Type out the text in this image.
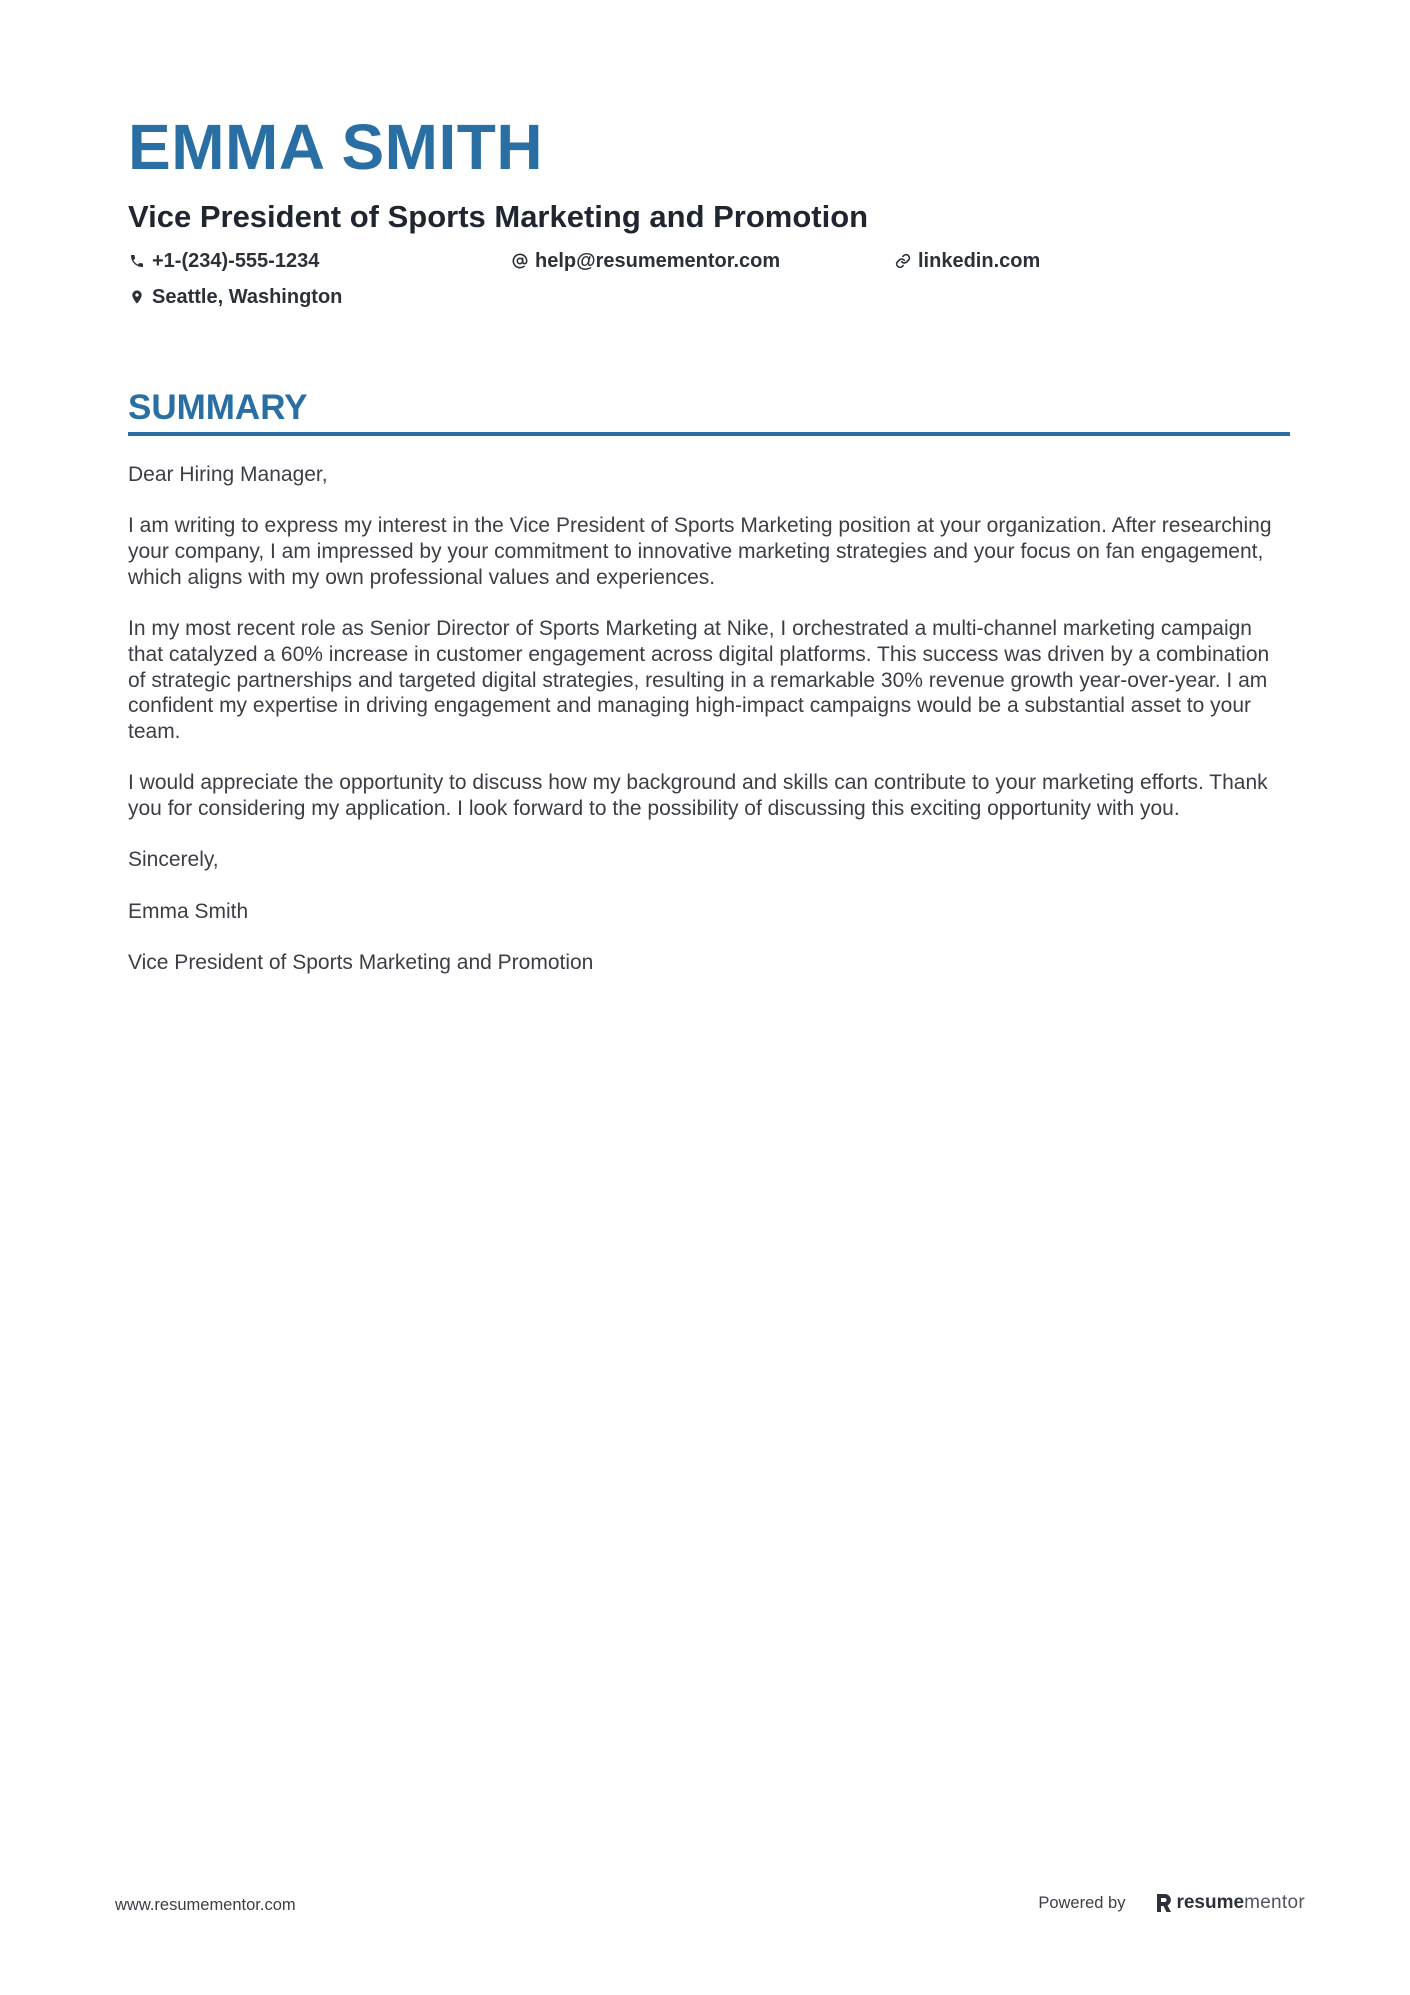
EMMA SMITH
Vice President of Sports Marketing and Promotion
+1-(234)-555-1234	help@resumementor.com	linkedin.com
Seattle, Washington
SUMMARY

Dear Hiring Manager,

I am writing to express my interest in the Vice President of Sports Marketing position at your organization. After researching your company, I am impressed by your commitment to innovative marketing strategies and your focus on fan engagement, which aligns with my own professional values and experiences.

In my most recent role as Senior Director of Sports Marketing at Nike, I orchestrated a multi-channel marketing campaign that catalyzed a 60% increase in customer engagement across digital platforms. This success was driven by a combination of strategic partnerships and targeted digital strategies, resulting in a remarkable 30% revenue growth year-over-year. I am confident my expertise in driving engagement and managing high-impact campaigns would be a substantial asset to your team.

I would appreciate the opportunity to discuss how my background and skills can contribute to your marketing efforts. Thank you for considering my application. I look forward to the possibility of discussing this exciting opportunity with you.

Sincerely,

Emma Smith

Vice President of Sports Marketing and Promotion

www.resumementor.com	Powered by	resume mentor
